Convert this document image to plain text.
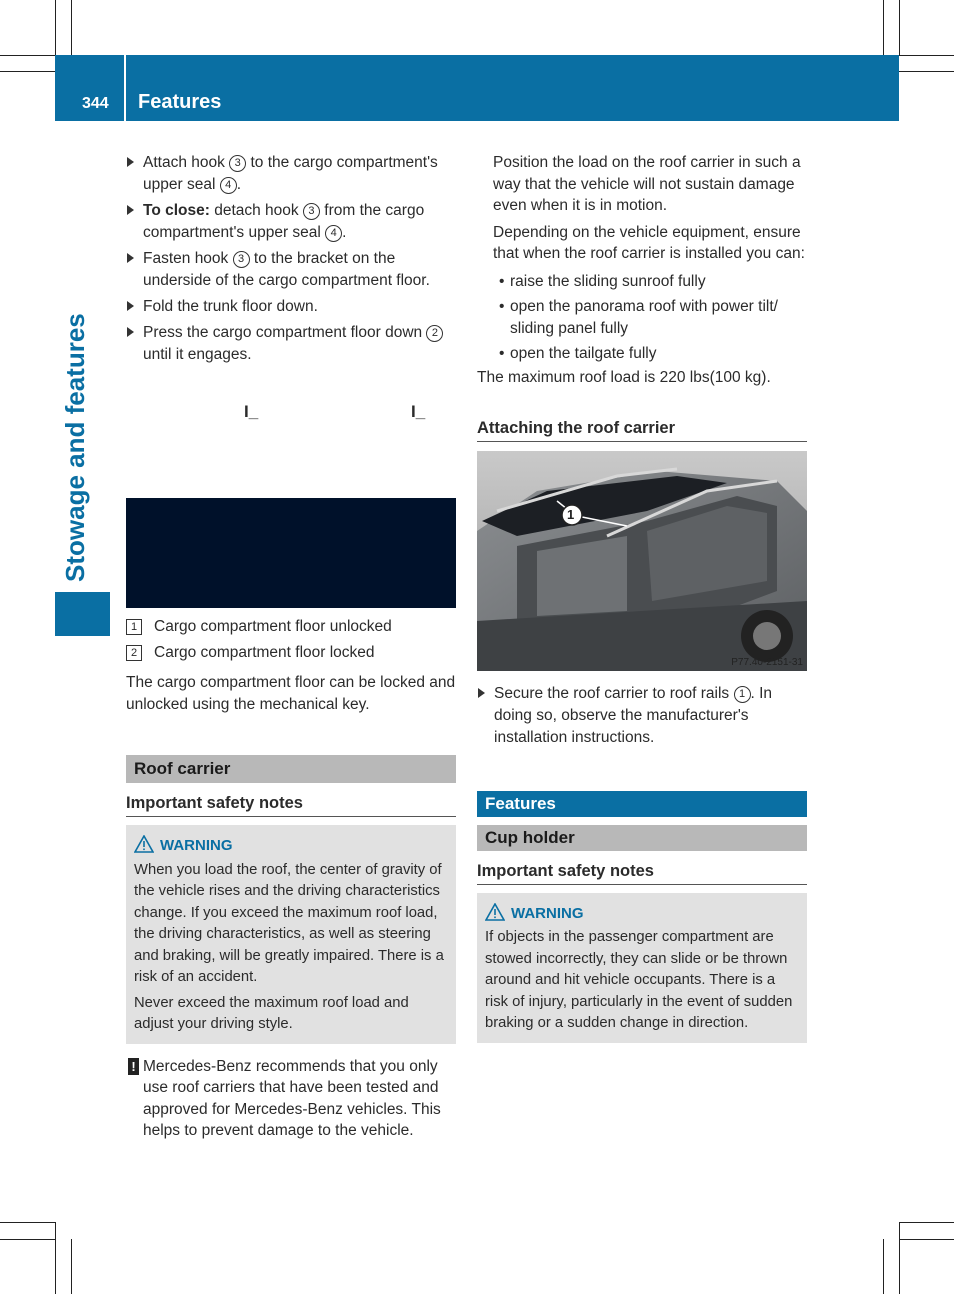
344 Features
Stowage and features
Attach hook 3 to the cargo compartment's upper seal 4 .
To close: detach hook 3 from the cargo compartment's upper seal 4 .
Fasten hook 3 to the bracket on the underside of the cargo compartment floor.
Fold the trunk floor down.
Press the cargo compartment floor down 2 until it engages.
I_	I_
1 Cargo compartment floor unlocked
2 Cargo compartment floor locked
The cargo compartment floor can be locked and unlocked using the mechanical key.
Roof carrier
Important safety notes
WARNING
When you load the roof, the center of gravity of the vehicle rises and the driving characteristics change. If you exceed the maximum roof load, the driving characteristics, as well as steering and braking, will be greatly impaired. There is a risk of an accident.
Never exceed the maximum roof load and adjust your driving style.
! Mercedes-Benz recommends that you only use roof carriers that have been tested and approved for Mercedes-Benz vehicles. This helps to prevent damage to the vehicle.
Position the load on the roof carrier in such a way that the vehicle will not sustain damage even when it is in motion.
Depending on the vehicle equipment, ensure that when the roof carrier is installed you can:
• raise the sliding sunroof fully
• open the panorama roof with power tilt/ sliding panel fully
• open the tailgate fully
The maximum roof load is 220 lbs(100 kg).
Attaching the roof carrier
1
P77.40-2151-31
Secure the roof carrier to roof rails 1 . In doing so, observe the manufacturer's installation instructions.
Features
Cup holder
Important safety notes
WARNING
If objects in the passenger compartment are stowed incorrectly, they can slide or be thrown around and hit vehicle occupants. There is a risk of injury, particularly in the event of sudden braking or a sudden change in direction.
